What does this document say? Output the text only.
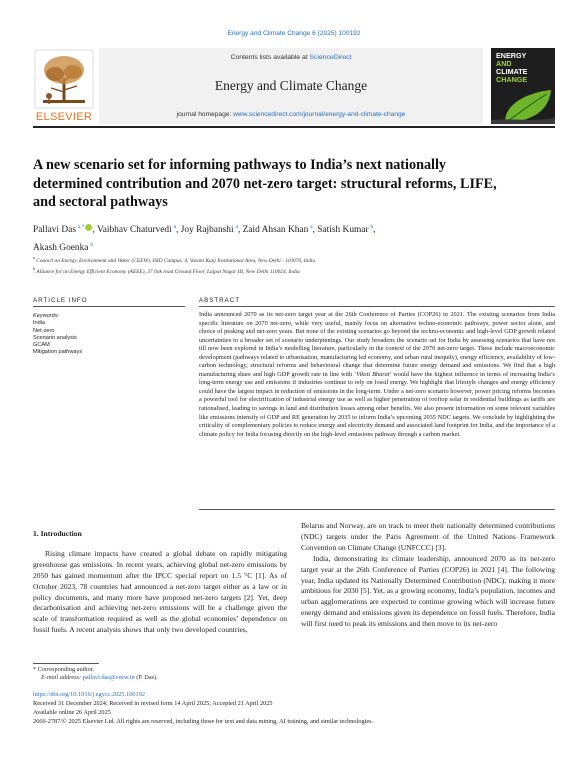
Energy and Climate Change 6 (2025) 100192
ELSEVIER
Contents lists available at ScienceDirect
Energy and Climate Change
journal homepage: www.sciencedirect.com/journal/energy-and-climate-change
ENERGY
AND
CLIMATE
CHANGE
A new scenario set for informing pathways to India’s next nationally determined contribution and 2070 net-zero target: structural reforms, LIFE, and sectoral pathways
Pallavi Das  $^{a,*}$ , Vaibhav Chaturvedi  $^a$, Joy Rajbanshi  $^a$, Zaid Ahsan Khan  $^a$, Satish Kumar  $^b$,
Akash Goenka  $^b$
$^a$ Council on Energy, Environment and Water (CEEW), ISID Campus, 4, Vasant Kunj Institutional Area, New Delhi - 110070, India
$^b$ Alliance for an Energy Efficient Economy (AEEE), 37 link road Ground Floor, Lajpat Nagar III, New Delhi 110024, India
ARTICLE INFO	ABSTRACT
Keywords:
India
Net-zero
Scenario analysis
GCAM
Mitigation pathways
India announced 2070 as its net-zero target year at the 26th Conference of Parties (COP26) in 2021. The existing scenarios from India specific literature on 2070 net-zero, while very useful, mainly focus on alternative techno-economic pathways, power sector alone, and choice of peaking and net-zero years. But none of the existing scenarios go beyond the techno-economic and high-level GDP growth related uncertainties to a broader set of scenario underpinnings. Our study broadens the scenario set for India by assessing scenarios that have not till now been explored in India’s modelling literature, particularly in the context of the 2070 net-zero target. These include macroeconomic development (pathways related to urbanisation, manufacturing led economy, and urban rural inequity), energy efficiency, availability of low-carbon technology, structural reforms and behavioural change that determine future energy demand and emissions. We find that a high manufacturing share and high GDP growth rate in line with ‘Viksit Bharat’ would have the highest influence in terms of increasing India’s long-term energy use and emissions if industries continue to rely on fossil energy. We highlight that lifestyle changes and energy efficiency could have the largest impact in reduction of emissions in the long-term. Under a net-zero scenario however, power pricing reforms becomes a powerful tool for electrification of industrial energy use as well as higher penetration of rooftop solar in residential buildings as tariffs are rationalised, leading to savings in land and distribution losses among other benefits. We also present information on some relevant variables like emissions intensity of GDP and RE generation by 2035 to inform India’s upcoming 2035 NDC targets. We conclude by highlighting the criticality of complementary policies to reduce energy and electricity demand and associated land footprint for India, and the importance of a climate policy for India focusing directly on the high-level emissions pathway through a carbon market.
1. Introduction

Rising climate impacts have created a global debate on rapidly mitigating greenhouse gas emissions. In recent years, achieving global net-zero emissions by 2050 has gained momentum after the IPCC special report on 1.5 °C [1]. As of October 2023, 78 countries had announced a net-zero target either as a law or in policy documents, and many more have proposed net-zero targets [2]. Yet, deep decarbonisation and achieving net-zero emissions will be a challenge given the scale of transformation required as well as the global economies’ dependence on fossil fuels. A recent analysis shows that only two developed countries,

Belarus and Norway, are on track to meet their nationally determined contributions (NDC) targets under the Paris Agreement of the United Nations Framework Convention on Climate Change (UNFCCC) [3].

India, demonstrating its climate leadership, announced 2070 as its net-zero target year at the 26th Conference of Parties (COP26) in 2021 [4]. The following year, India updated its Nationally Determined Contribution (NDC), making it more ambitious for 2030 [5]. Yet, as a growing economy, India’s population, incomes and urban agglomerations are expected to continue growing which will increase future energy demand and emissions given its dependence on fossil fuels. Therefore, India will first need to peak its emissions and then move to its net-zero

* Corresponding author.
E-mail address: pallavi.das@ceew.in (P. Das).
https://doi.org/10.1016/j.egycc.2025.100192
Received 31 December 2024; Received in revised form 14 April 2025; Accepted 21 April 2025
Available online 26 April 2025
2666-2787/© 2025 Elsevier Ltd. All rights are reserved, including those for text and data mining, AI training, and similar technologies.
